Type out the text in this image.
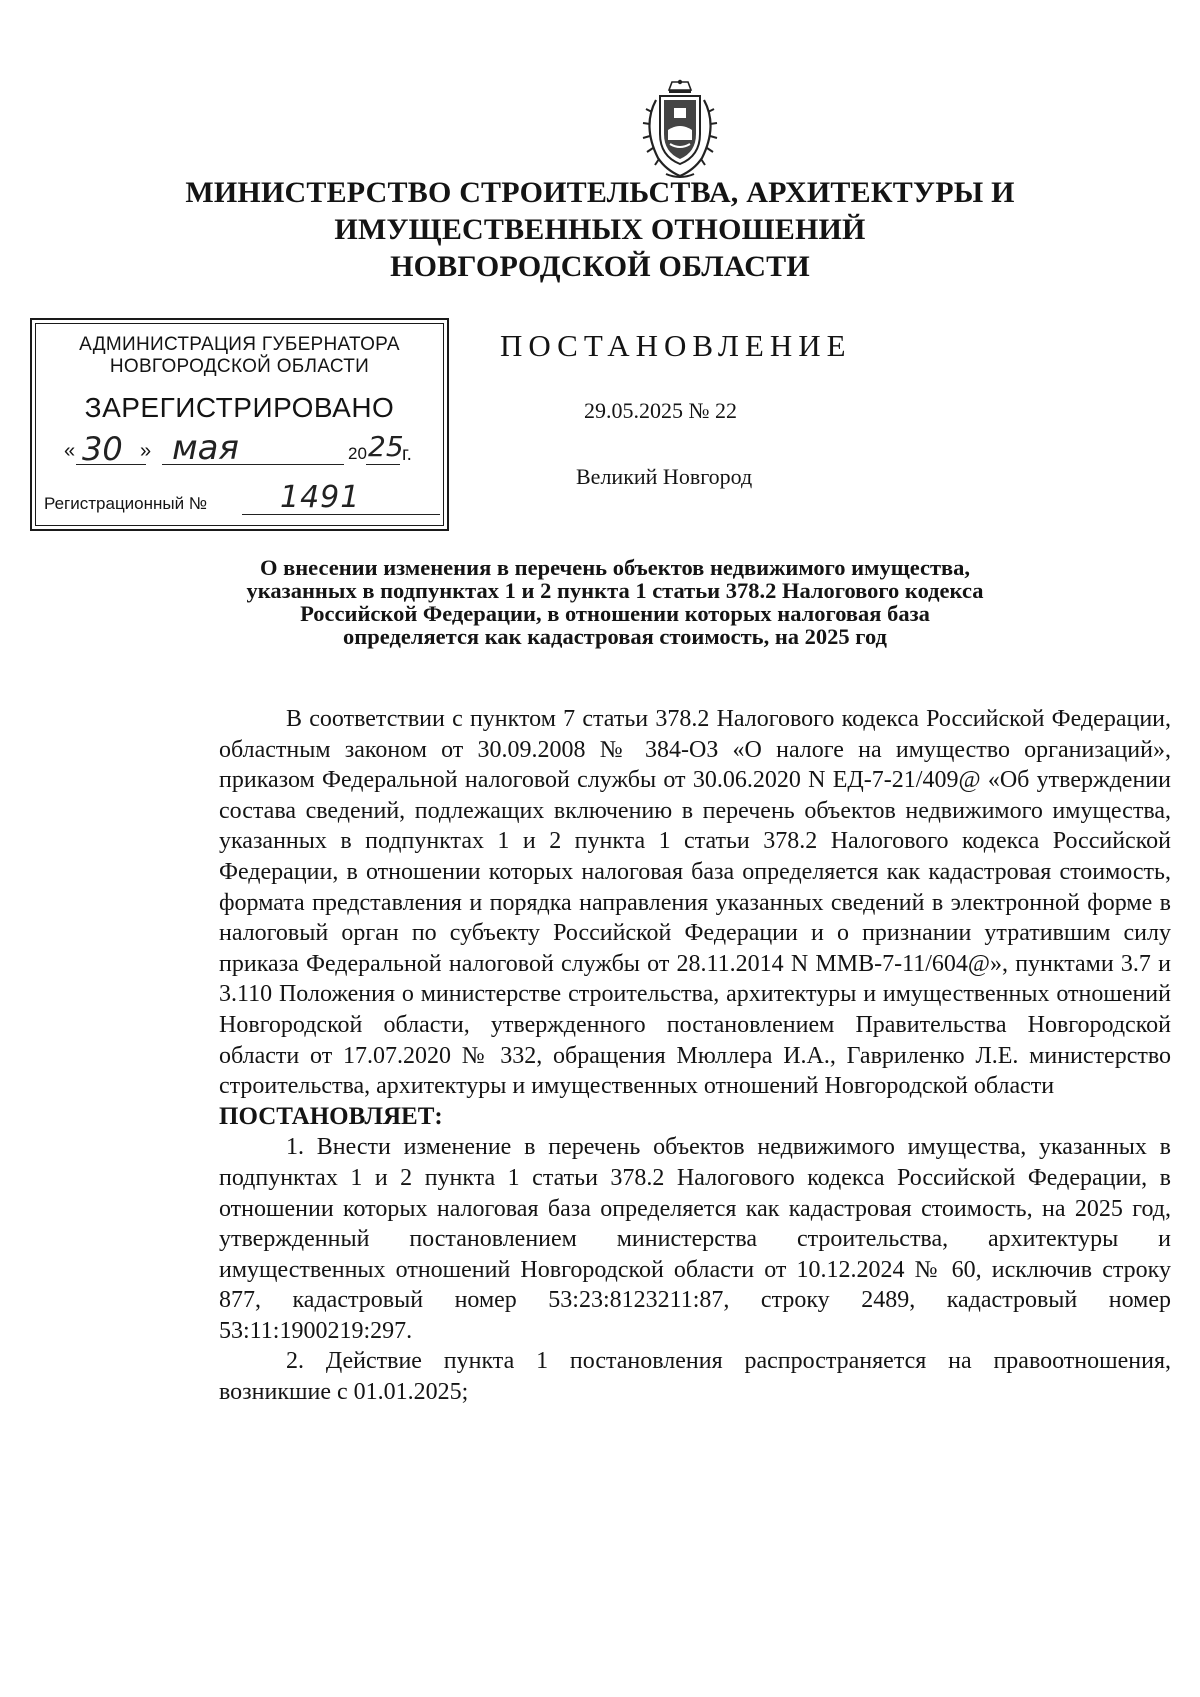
МИНИСТЕРСТВО СТРОИТЕЛЬСТВА, АРХИТЕКТУРЫ И
ИМУЩЕСТВЕННЫХ ОТНОШЕНИЙ
НОВГОРОДСКОЙ ОБЛАСТИ
АДМИНИСТРАЦИЯ ГУБЕРНАТОРА
НОВГОРОДСКОЙ ОБЛАСТИ
ЗАРЕГИСТРИРОВАНО
« 30 » мая	20 25
г.
Регистрационный № 1491
ПОСТАНОВЛЕНИЕ
29.05.2025 № 22
Великий Новгород
О внесении изменения в перечень объектов недвижимого имущества,
указанных в подпунктах 1 и 2 пункта 1 статьи 378.2 Налогового кодекса
Российской Федерации, в отношении которых налоговая база
определяется как кадастровая стоимость, на 2025 год

В соответствии с пунктом 7 статьи 378.2 Налогового кодекса Российской Федерации, областным законом от 30.09.2008 № 384-ОЗ «О налоге на имущество организаций», приказом Федеральной налоговой службы от 30.06.2020 N ЕД-7-21/409@ «Об утверждении состава сведений, подлежащих включению в перечень объектов недвижимого имущества, указанных в подпунктах 1 и 2 пункта 1 статьи 378.2 Налогового кодекса Российской Федерации, в отношении которых налоговая база определяется как кадастровая стоимость, формата представления и порядка направления указанных сведений в электронной форме в налоговый орган по субъекту Российской Федерации и о признании утратившим силу приказа Федеральной налоговой службы от 28.11.2014 N ММВ-7-11/604@», пунктами 3.7 и 3.110 Положения о министерстве строительства, архитектуры и имущественных отношений Новгородской области, утвержденного постановлением Правительства Новгородской области от 17.07.2020 № 332, обращения Мюллера И.А., Гавриленко Л.Е. министерство строительства, архитектуры и имущественных отношений Новгородской области

ПОСТАНОВЛЯЕТ:

1. Внести изменение в перечень объектов недвижимого имущества, указанных в подпунктах 1 и 2 пункта 1 статьи 378.2 Налогового кодекса Российской Федерации, в отношении которых налоговая база определяется как кадастровая стоимость, на 2025 год, утвержденный постановлением министерства строительства, архитектуры и имущественных отношений Новгородской области от 10.12.2024 № 60, исключив строку 877, кадастровый номер 53:23:8123211:87, строку 2489, кадастровый номер 53:11:1900219:297.

2. Действие пункта 1 постановления распространяется на правоотношения, возникшие с 01.01.2025;
